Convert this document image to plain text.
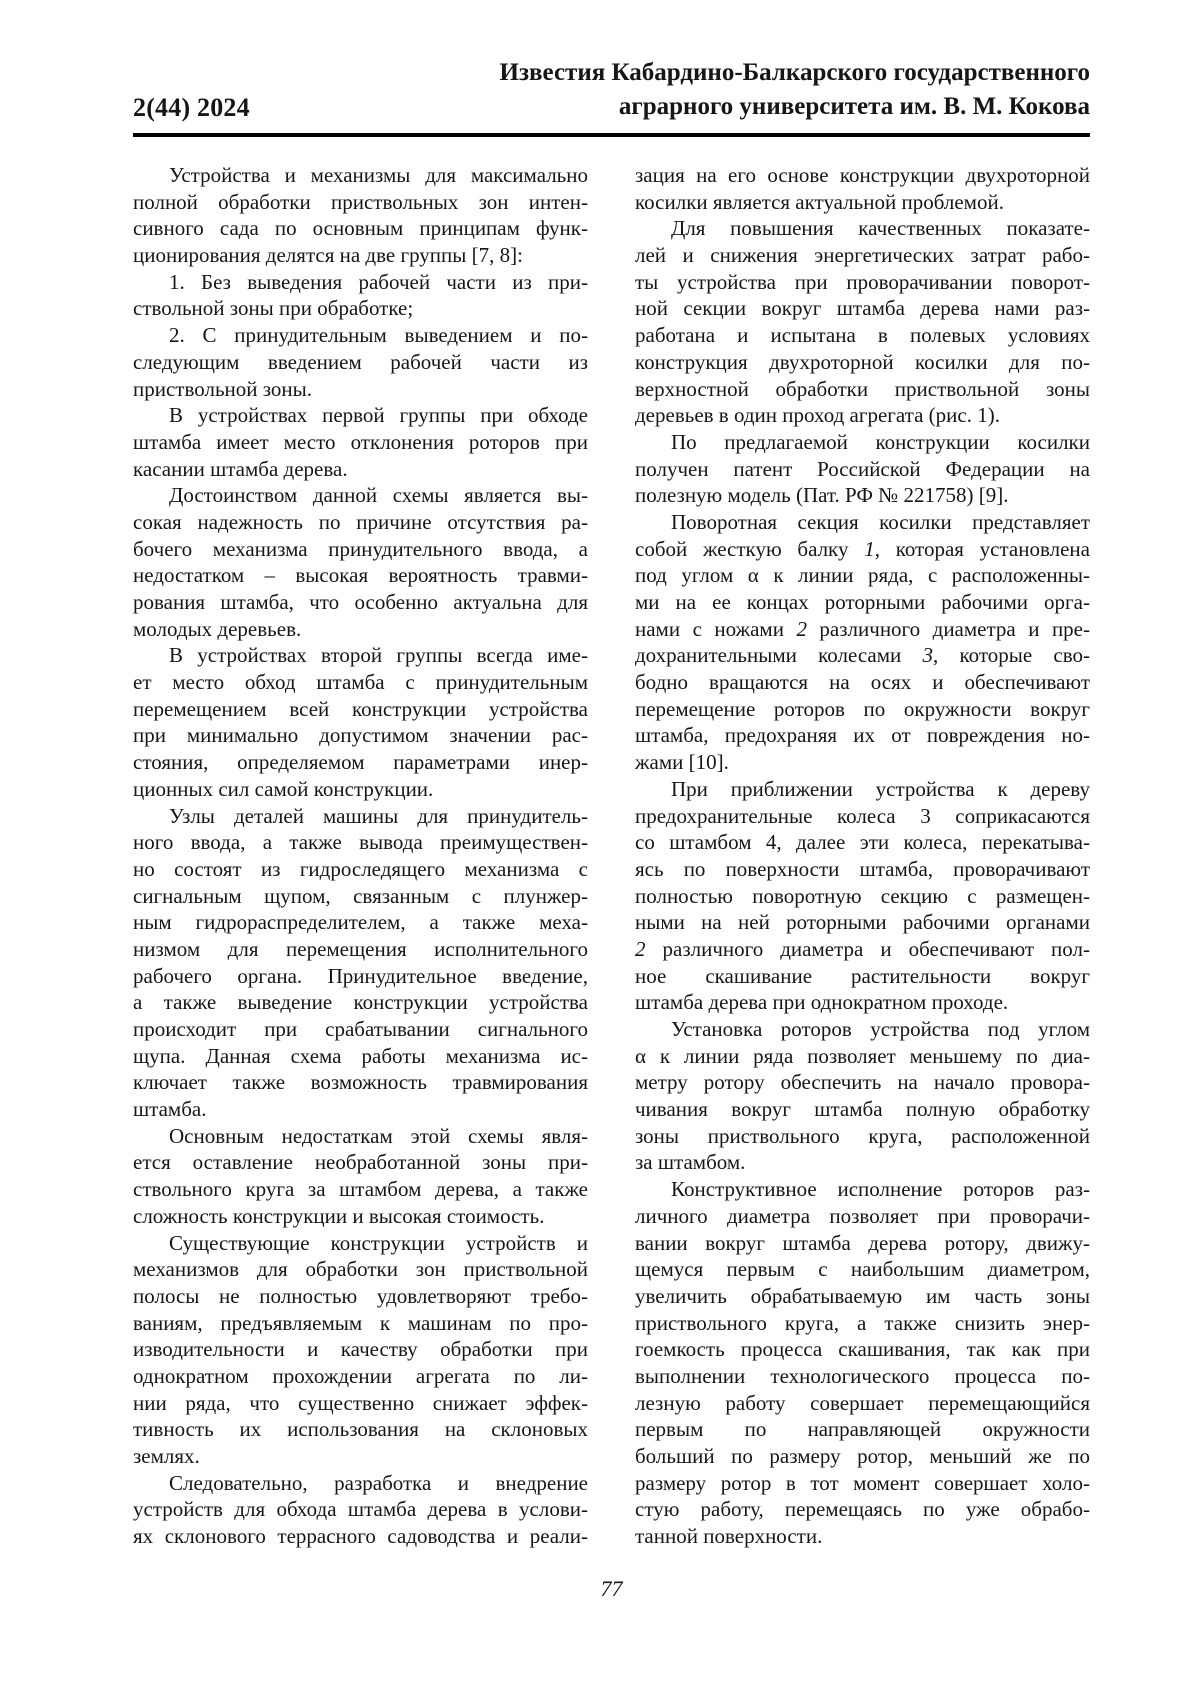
2(44) 2024
Известия Кабардино-Балкарского государственного
аграрного университета им. В. М. Кокова
Устройства и механизмы для максимально
полной обработки приствольных зон интен-
сивного сада по основным принципам функ-
ционирования делятся на две группы [7, 8]:
1. Без выведения рабочей части из при-
ствольной зоны при обработке;
2. С принудительным выведением и по-
следующим введением рабочей части из
приствольной зоны.
В устройствах первой группы при обходе
штамба имеет место отклонения роторов при
касании штамба дерева.
Достоинством данной схемы является вы-
сокая надежность по причине отсутствия ра-
бочего механизма принудительного ввода, а
недостатком – высокая вероятность травми-
рования штамба, что особенно актуальна для
молодых деревьев.
В устройствах второй группы всегда име-
ет место обход штамба с принудительным
перемещением всей конструкции устройства
при минимально допустимом значении рас-
стояния, определяемом параметрами инер-
ционных сил самой конструкции.
Узлы деталей машины для принудитель-
ного ввода, а также вывода преимуществен-
но состоят из гидроследящего механизма с
сигнальным щупом, связанным с плунжер-
ным гидрораспределителем, а также меха-
низмом для перемещения исполнительного
рабочего органа. Принудительное введение,
а также выведение конструкции устройства
происходит при срабатывании сигнального
щупа. Данная схема работы механизма ис-
ключает также возможность травмирования
штамба.
Основным недостаткам этой схемы явля-
ется оставление необработанной зоны при-
ствольного круга за штамбом дерева, а также
сложность конструкции и высокая стоимость.
Существующие конструкции устройств и
механизмов для обработки зон приствольной
полосы не полностью удовлетворяют требо-
ваниям, предъявляемым к машинам по про-
изводительности и качеству обработки при
однократном прохождении агрегата по ли-
нии ряда, что существенно снижает эффек-
тивность их использования на склоновых
землях.
Следовательно, разработка и внедрение
устройств для обхода штамба дерева в услови-
ях склонового террасного садоводства и реали-
зация на его основе конструкции двухроторной
косилки является актуальной проблемой.
Для повышения качественных показате-
лей и снижения энергетических затрат рабо-
ты устройства при проворачивании поворот-
ной секции вокруг штамба дерева нами раз-
работана и испытана в полевых условиях
конструкция двухроторной косилки для по-
верхностной обработки приствольной зоны
деревьев в один проход агрегата (рис. 1).
По предлагаемой конструкции косилки
получен патент Российской Федерации на
полезную модель (Пат. РФ № 221758) [9].
Поворотная секция косилки представляет
собой жесткую балку 1, которая установлена
под углом α к линии ряда, с расположенны-
ми на ее концах роторными рабочими орга-
нами с ножами 2 различного диаметра и пре-
дохранительными колесами 3, которые сво-
бодно вращаются на осях и обеспечивают
перемещение роторов по окружности вокруг
штамба, предохраняя их от повреждения но-
жами [10].
При приближении устройства к дереву
предохранительные колеса 3 соприкасаются
со штамбом 4, далее эти колеса, перекатыва-
ясь по поверхности штамба, проворачивают
полностью поворотную секцию с размещен-
ными на ней роторными рабочими органами
2 различного диаметра и обеспечивают пол-
ное скашивание растительности вокруг
штамба дерева при однократном проходе.
Установка роторов устройства под углом
α к линии ряда позволяет меньшему по диа-
метру ротору обеспечить на начало провора-
чивания вокруг штамба полную обработку
зоны приствольного круга, расположенной
за штамбом.
Конструктивное исполнение роторов раз-
личного диаметра позволяет при проворачи-
вании вокруг штамба дерева ротору, движу-
щемуся первым с наибольшим диаметром,
увеличить обрабатываемую им часть зоны
приствольного круга, а также снизить энер-
гоемкость процесса скашивания, так как при
выполнении технологического процесса по-
лезную работу совершает перемещающийся
первым по направляющей окружности
больший по размеру ротор, меньший же по
размеру ротор в тот момент совершает холо-
стую работу, перемещаясь по уже обрабо-
танной поверхности.
77
